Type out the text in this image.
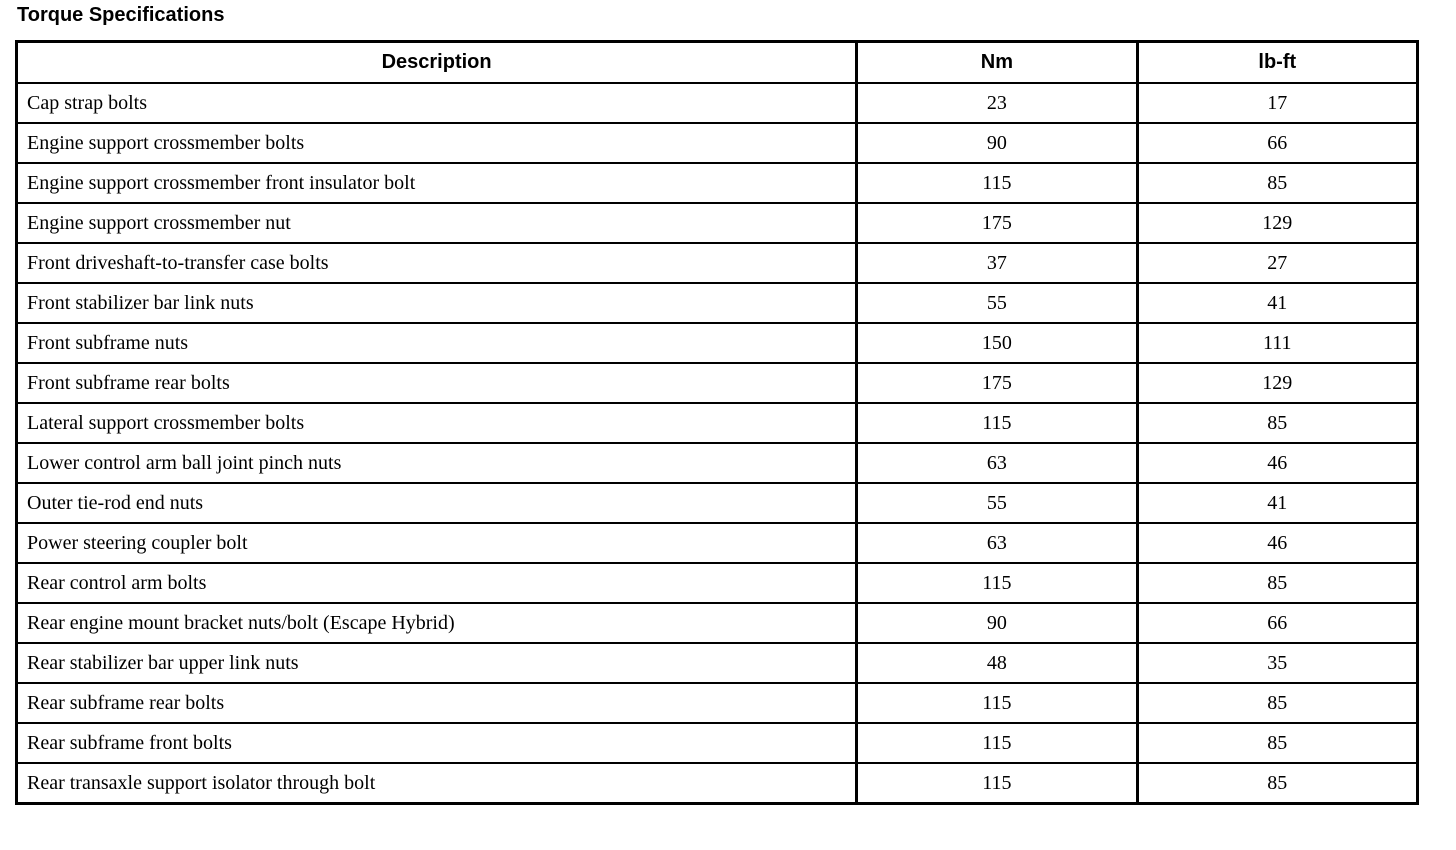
Torque Specifications
Description	Nm	lb-ft
Cap strap bolts	23	17
Engine support crossmember bolts	90	66
Engine support crossmember front insulator bolt	115	85
Engine support crossmember nut	175	129
Front driveshaft-to-transfer case bolts	37	27
Front stabilizer bar link nuts	55	41
Front subframe nuts	150	111
Front subframe rear bolts	175	129
Lateral support crossmember bolts	115	85
Lower control arm ball joint pinch nuts	63	46
Outer tie-rod end nuts	55	41
Power steering coupler bolt	63	46
Rear control arm bolts	115	85
Rear engine mount bracket nuts/bolt (Escape Hybrid)	90	66
Rear stabilizer bar upper link nuts	48	35
Rear subframe rear bolts	115	85
Rear subframe front bolts	115	85
Rear transaxle support isolator through bolt	115	85
